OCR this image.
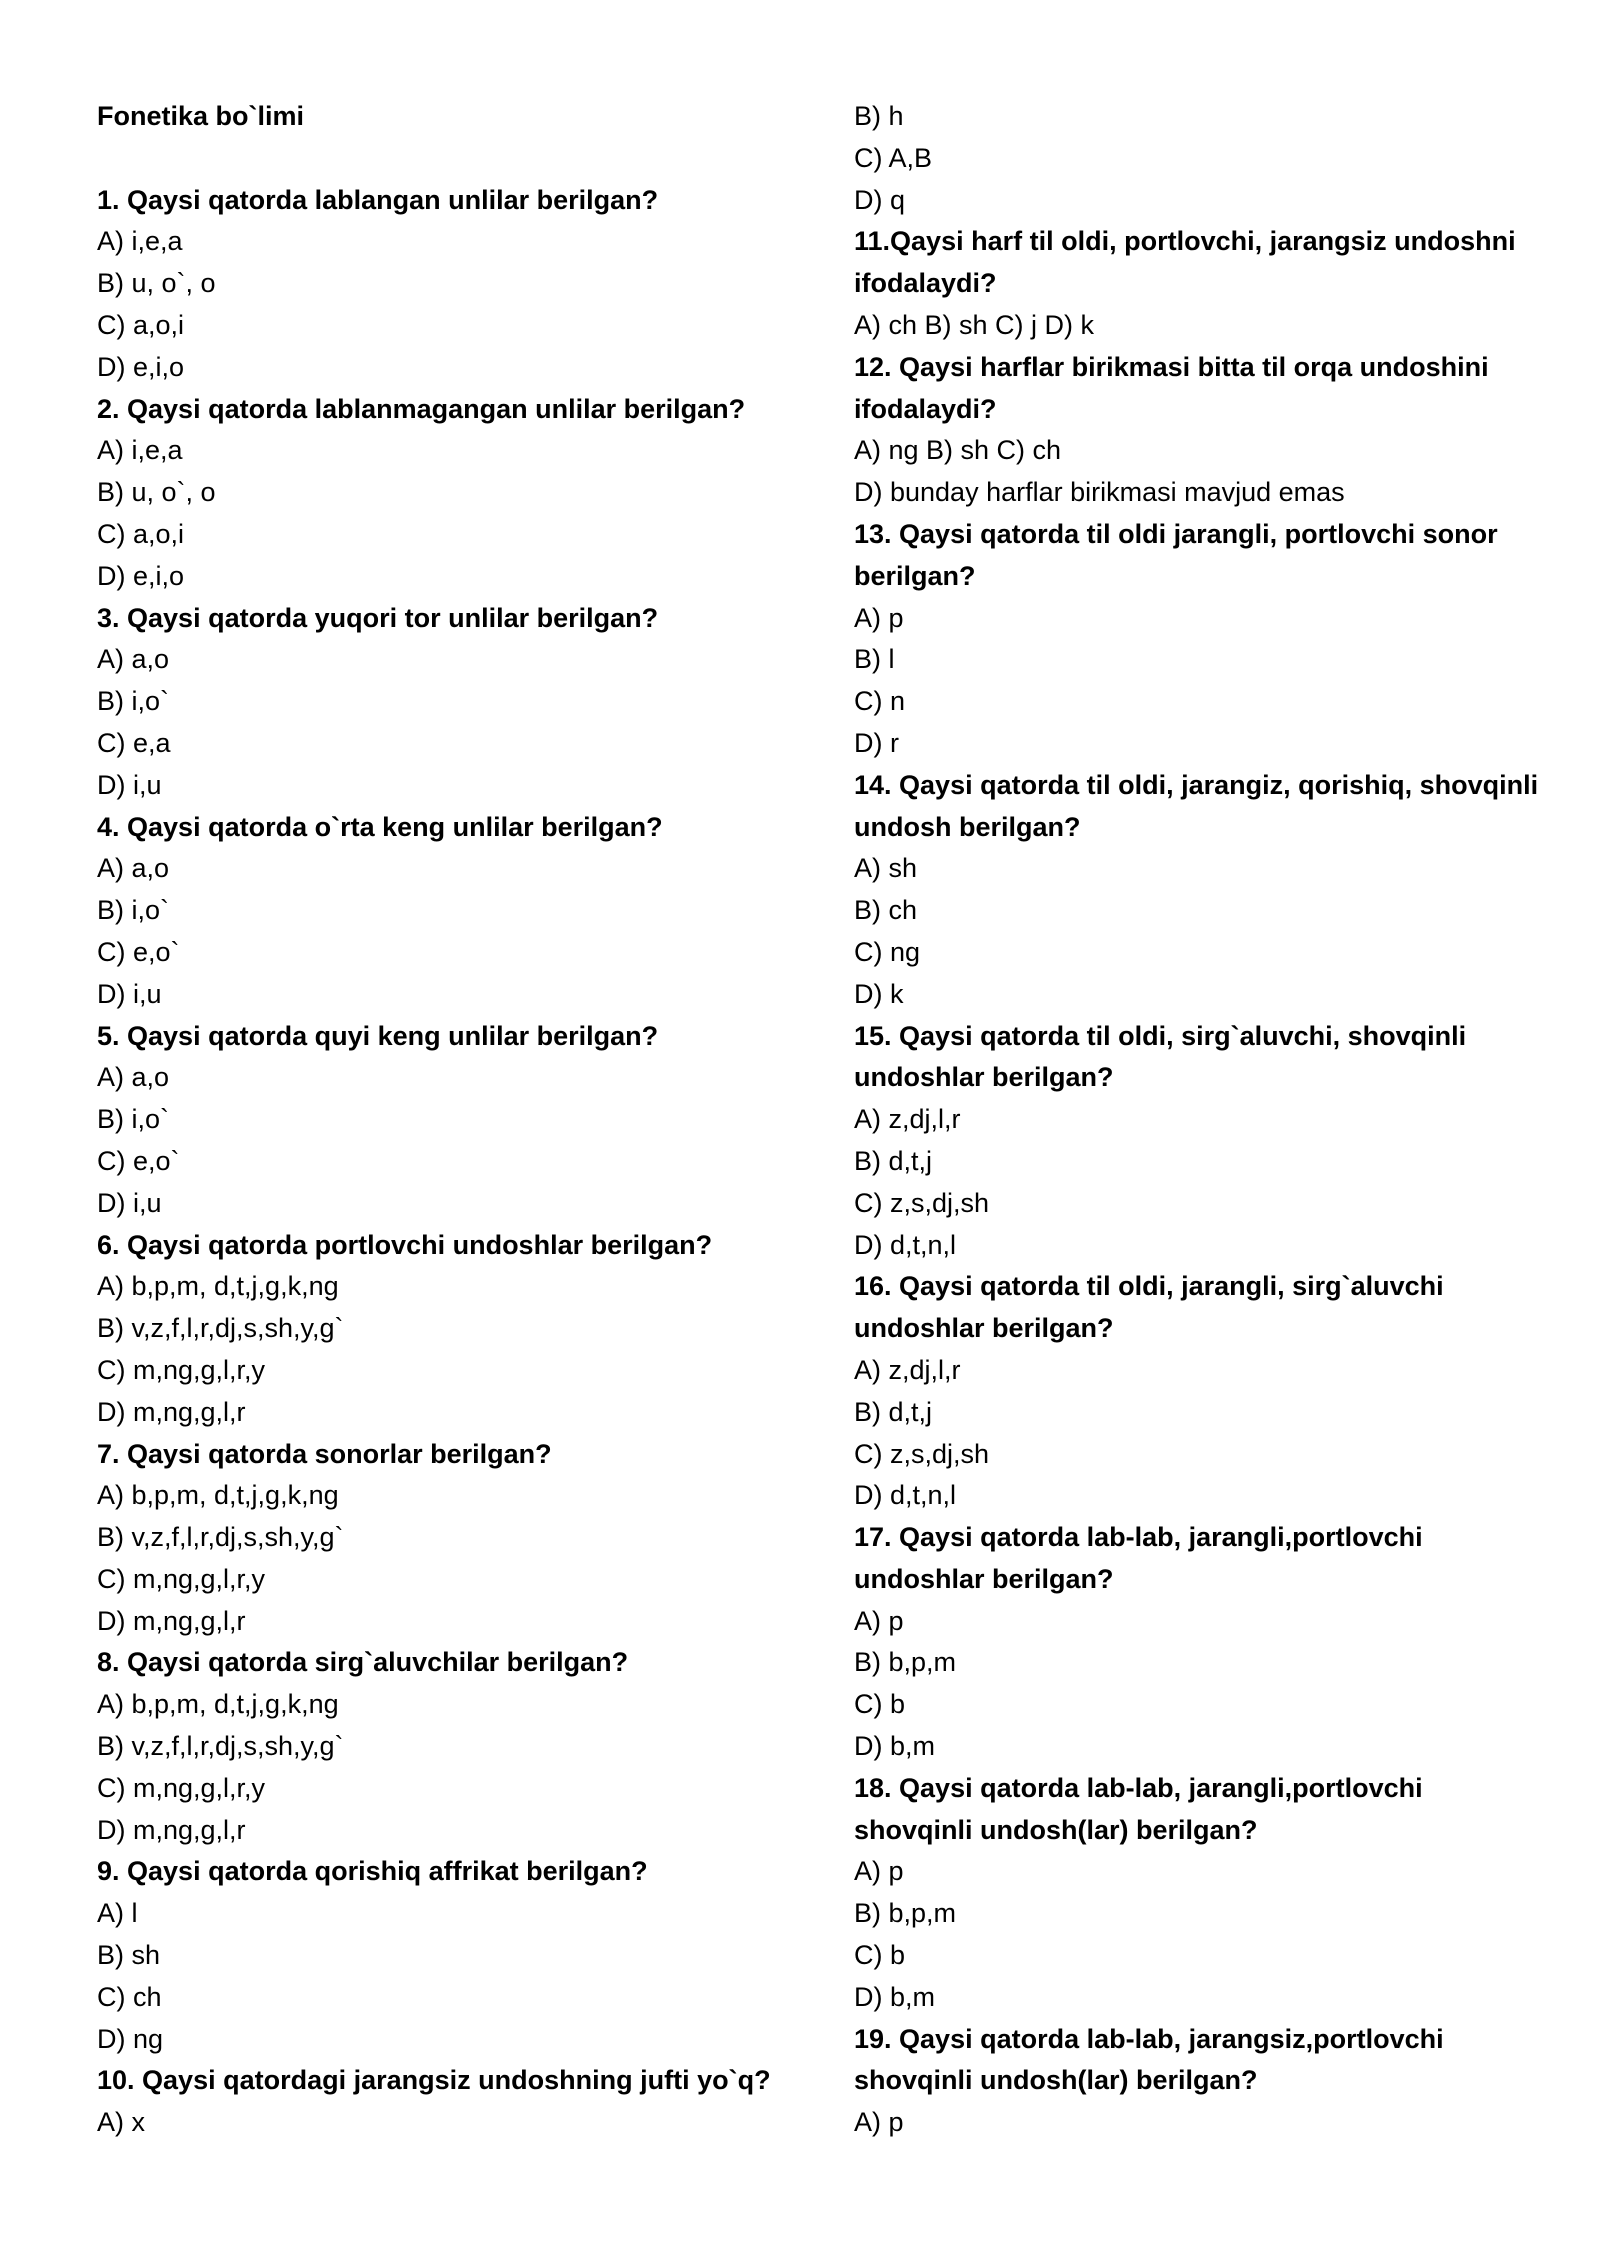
Fonetika bo`limi
1. Qaysi qatorda lablangan unlilar berilgan?
A) i,e,a
B) u, o`, o
C) a,o,i
D) e,i,o
2. Qaysi qatorda lablanmagangan unlilar berilgan?
A) i,e,a
B) u, o`, o
C) a,o,i
D) e,i,o
3. Qaysi qatorda yuqori tor unlilar berilgan?
A) a,o
B) i,o`
C) e,a
D) i,u
4. Qaysi qatorda o`rta keng unlilar berilgan?
A) a,o
B) i,o`
C) e,o`
D) i,u
5. Qaysi qatorda quyi keng unlilar berilgan?
A) a,o
B) i,o`
C) e,o`
D) i,u
6. Qaysi qatorda portlovchi undoshlar berilgan?
A) b,p,m, d,t,j,g,k,ng
B) v,z,f,l,r,dj,s,sh,y,g`
C) m,ng,g,l,r,y
D) m,ng,g,l,r
7. Qaysi qatorda sonorlar berilgan?
A) b,p,m, d,t,j,g,k,ng
B) v,z,f,l,r,dj,s,sh,y,g`
C) m,ng,g,l,r,y
D) m,ng,g,l,r
8. Qaysi qatorda sirg`aluvchilar berilgan?
A) b,p,m, d,t,j,g,k,ng
B) v,z,f,l,r,dj,s,sh,y,g`
C) m,ng,g,l,r,y
D) m,ng,g,l,r
9. Qaysi qatorda qorishiq affrikat berilgan?
A) l
B) sh
C) ch
D) ng
10. Qaysi qatordagi jarangsiz undoshning jufti yo`q?
A) x
B) h
C) A,B
D) q
11.Qaysi harf til oldi, portlovchi, jarangsiz undoshni
ifodalaydi?
A) ch B) sh C) j D) k
12. Qaysi harflar birikmasi bitta til orqa undoshini
ifodalaydi?
A) ng B) sh C) ch
D) bunday harflar birikmasi mavjud emas
13. Qaysi qatorda til oldi jarangli, portlovchi sonor
berilgan?
A) p
B) l
C) n
D) r
14. Qaysi qatorda til oldi, jarangiz, qorishiq, shovqinli
undosh berilgan?
A) sh
B) ch
C) ng
D) k
15. Qaysi qatorda til oldi, sirg`aluvchi, shovqinli
undoshlar berilgan?
A) z,dj,l,r
B) d,t,j
C) z,s,dj,sh
D) d,t,n,l
16. Qaysi qatorda til oldi, jarangli, sirg`aluvchi
undoshlar berilgan?
A) z,dj,l,r
B) d,t,j
C) z,s,dj,sh
D) d,t,n,l
17. Qaysi qatorda lab-lab, jarangli,portlovchi
undoshlar berilgan?
A) p
B) b,p,m
C) b
D) b,m
18. Qaysi qatorda lab-lab, jarangli,portlovchi
shovqinli undosh(lar) berilgan?
A) p
B) b,p,m
C) b
D) b,m
19. Qaysi qatorda lab-lab, jarangsiz,portlovchi
shovqinli undosh(lar) berilgan?
A) p
